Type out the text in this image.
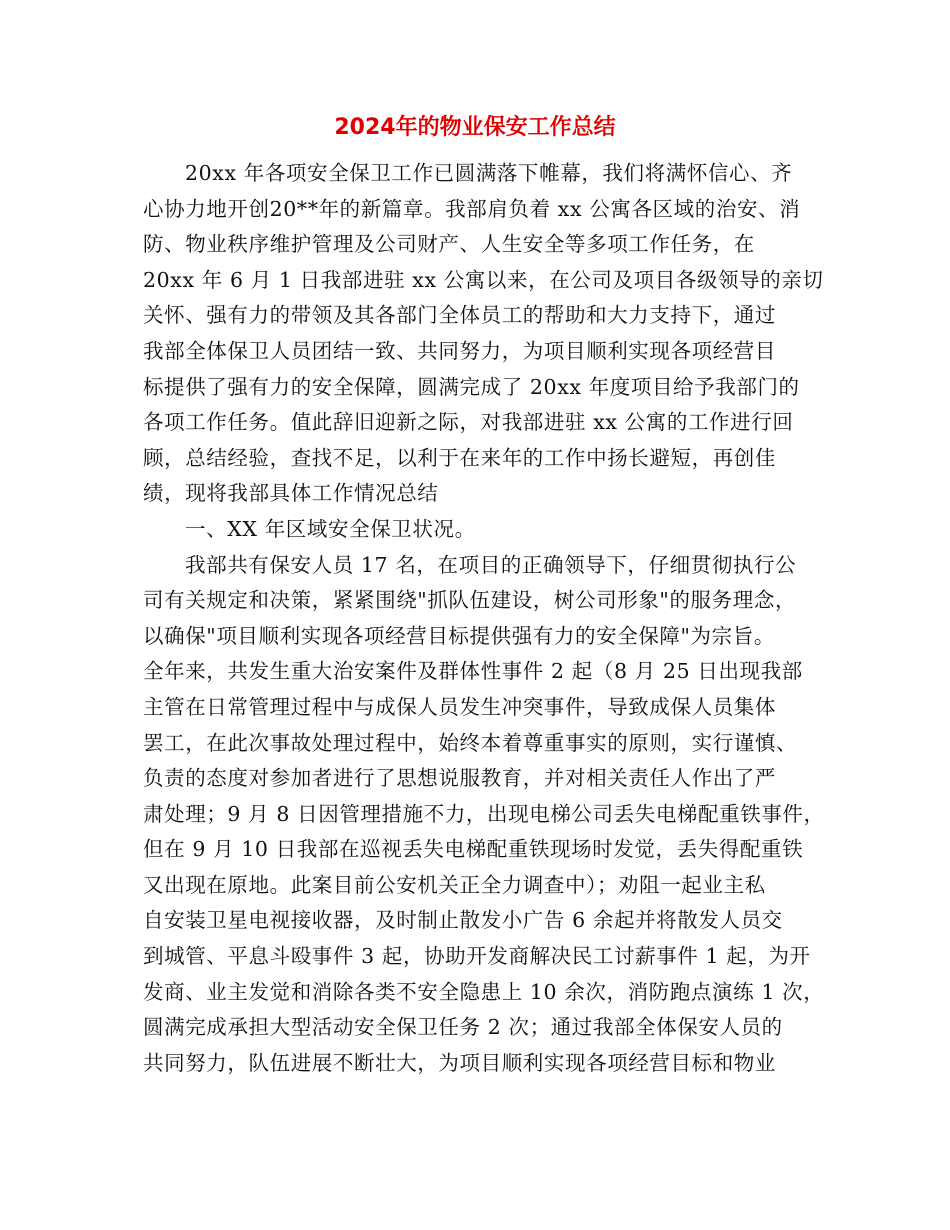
2024年的物业保安工作总结
20xx 年各项安全保卫工作已圆满落下帷幕，我们将满怀信心、齐
心协力地开创20**年的新篇章。我部肩负着 xx 公寓各区域的治安、消
防、物业秩序维护管理及公司财产、人生安全等多项工作任务，在
20xx 年 6 月 1 日我部进驻 xx 公寓以来，在公司及项目各级领导的亲切
关怀、强有力的带领及其各部门全体员工的帮助和大力支持下，通过
我部全体保卫人员团结一致、共同努力，为项目顺利实现各项经营目
标提供了强有力的安全保障，圆满完成了 20xx 年度项目给予我部门的
各项工作任务。值此辞旧迎新之际，对我部进驻 xx 公寓的工作进行回
顾，总结经验，查找不足，以利于在来年的工作中扬长避短，再创佳
绩，现将我部具体工作情况总结
一、XX 年区域安全保卫状况。
我部共有保安人员 17 名，在项目的正确领导下，仔细贯彻执行公
司有关规定和决策，紧紧围绕"抓队伍建设，树公司形象"的服务理念，
以确保"项目顺利实现各项经营目标提供强有力的安全保障"为宗旨。
全年来，共发生重大治安案件及群体性事件 2 起（8 月 25 日出现我部
主管在日常管理过程中与成保人员发生冲突事件，导致成保人员集体
罢工，在此次事故处理过程中，始终本着尊重事实的原则，实行谨慎、
负责的态度对参加者进行了思想说服教育，并对相关责任人作出了严
肃处理；9 月 8 日因管理措施不力，出现电梯公司丢失电梯配重铁事件，
但在 9 月 10 日我部在巡视丢失电梯配重铁现场时发觉，丢失得配重铁
又出现在原地。此案目前公安机关正全力调查中）；劝阻一起业主私
自安装卫星电视接收器，及时制止散发小广告 6 余起并将散发人员交
到城管、平息斗殴事件 3 起，协助开发商解决民工讨薪事件 1 起，为开
发商、业主发觉和消除各类不安全隐患上 10 余次，消防跑点演练 1 次，
圆满完成承担大型活动安全保卫任务 2 次；通过我部全体保安人员的
共同努力，队伍进展不断壮大，为项目顺利实现各项经营目标和物业
